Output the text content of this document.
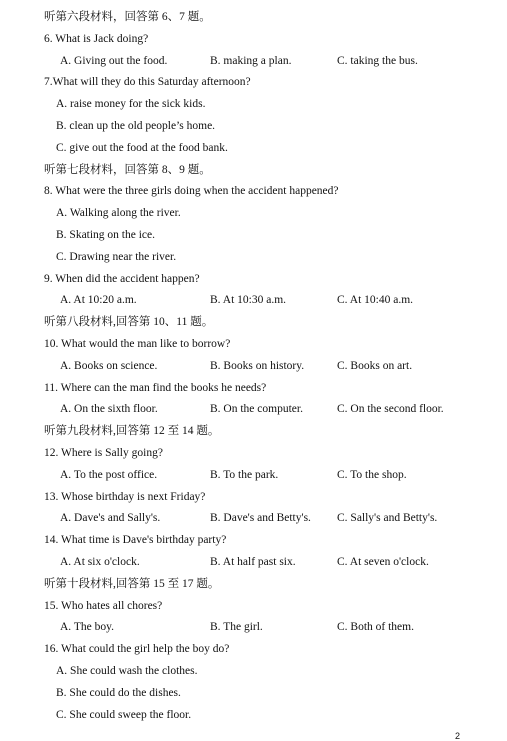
听第六段材料，回答第 6、7 题。
6. What is Jack doing?
A. Giving out the food.	B. making a plan.	C. taking the bus.
7.What will they do this Saturday afternoon?
A. raise money for the sick kids.
B. clean up the old people’s home.
C. give out the food at the food bank.
听第七段材料，回答第 8、9 题。
8. What were the three girls doing when the accident happened?
A. Walking along the river.
B. Skating on the ice.
C. Drawing near the river.
9. When did the accident happen?
A. At 10:20 a.m.	B. At 10:30 a.m.	C. At 10:40 a.m.
听第八段材料,回答第 10、11 题。
10. What would the man like to borrow?
A. Books on science.	B. Books on history.	C. Books on art.
11. Where can the man find the books he needs?
A. On the sixth floor.	B. On the computer.	C. On the second floor.
听第九段材料,回答第 12 至 14 题。
12. Where is Sally going?
A. To the post office.	B. To the park.	C. To the shop.
13. Whose birthday is next Friday?
A. Dave's and Sally's.	B. Dave's and Betty's. C. Sally's and Betty's.
14. What time is Dave's birthday party?
A. At six o'clock.	B. At half past six.	C. At seven o'clock.
听第十段材料,回答第 15 至 17 题。
15. Who hates all chores?
A. The boy.	B. The girl.	C. Both of them.
16. What could the girl help the boy do?
A. She could wash the clothes.
B. She could do the dishes.
C. She could sweep the floor.
2
